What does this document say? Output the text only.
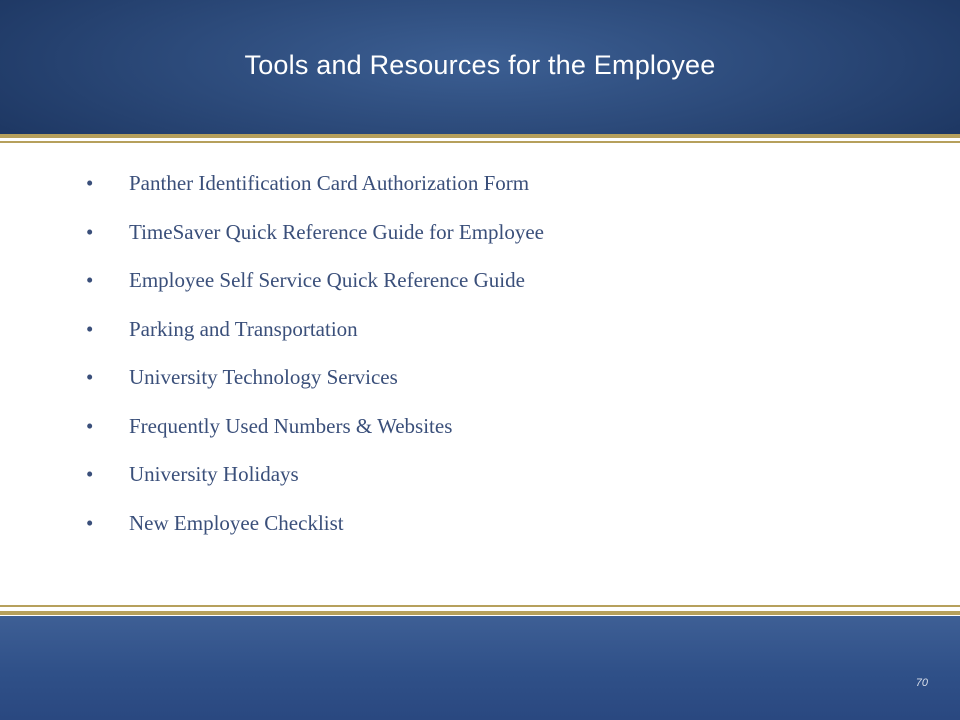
Tools and Resources for the Employee
• Panther Identification Card Authorization Form
• TimeSaver Quick Reference Guide for Employee
• Employee Self Service Quick Reference Guide
• Parking and Transportation
• University Technology Services
• Frequently Used Numbers & Websites
• University Holidays
• New Employee Checklist
70
